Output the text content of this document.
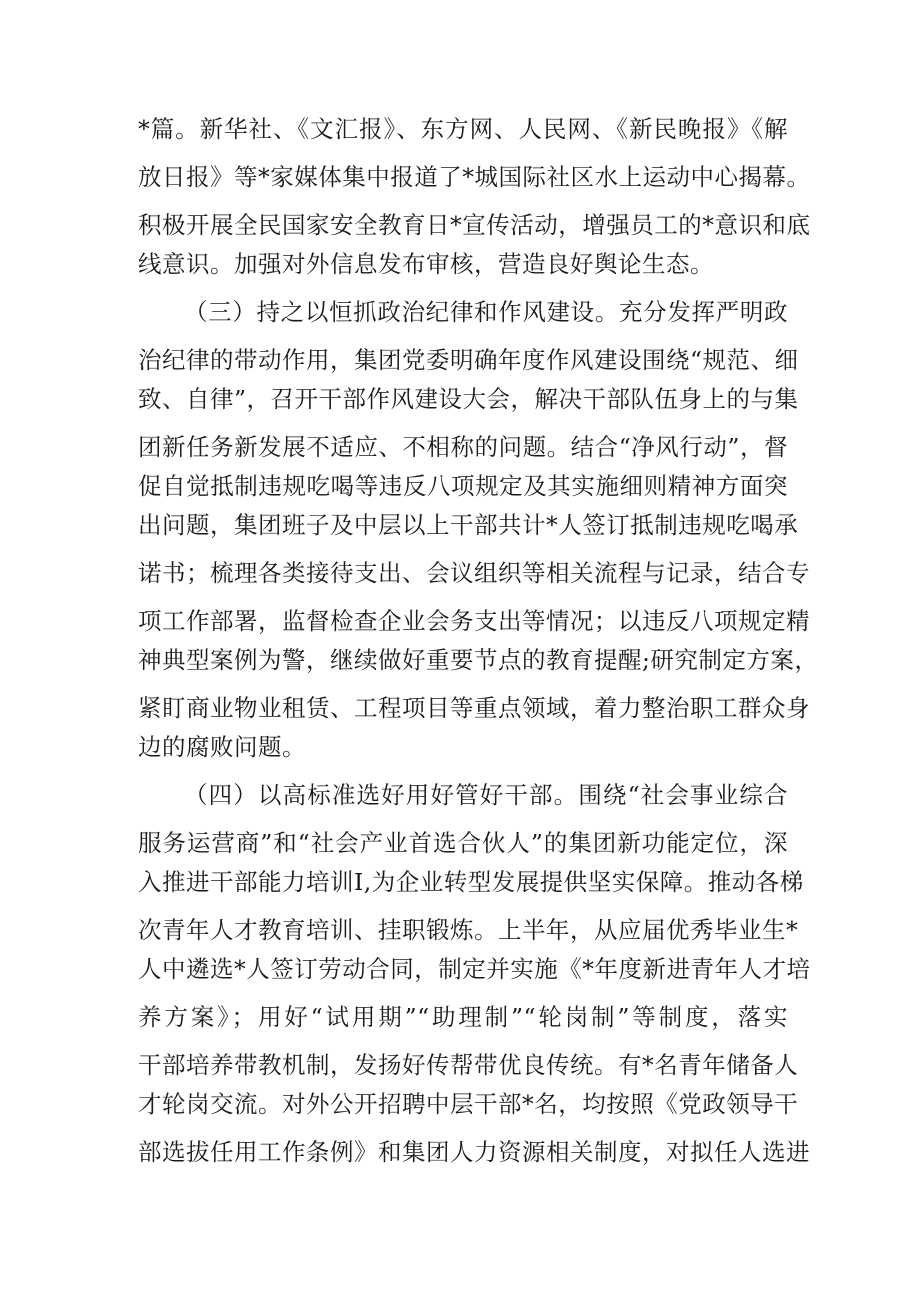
*篇。新华社、《文汇报》、东方网、人民网、《新民晚报》《解
放日报》等*家媒体集中报道了*城国际社区水上运动中心揭幕。
积极开展全民国家安全教育日*宣传活动，增强员工的*意识和底
线意识。加强对外信息发布审核，营造良好舆论生态。
（三）持之以恒抓政治纪律和作风建设。充分发挥严明政
治纪律的带动作用，集团党委明确年度作风建设围绕“规范、细
致、自律”，召开干部作风建设大会，解决干部队伍身上的与集
团新任务新发展不适应、不相称的问题。结合“净风行动”，督
促自觉抵制违规吃喝等违反八项规定及其实施细则精神方面突
出问题，集团班子及中层以上干部共计*人签订抵制违规吃喝承
诺书；梳理各类接待支出、会议组织等相关流程与记录，结合专
项工作部署，监督检查企业会务支出等情况；以违反八项规定精
神典型案例为警，继续做好重要节点的教育提醒;研究制定方案，
紧盯商业物业租赁、工程项目等重点领域，着力整治职工群众身
边的腐败问题。
（四）以高标准选好用好管好干部。围绕“社会事业综合
服务运营商”和“社会产业首选合伙人”的集团新功能定位，深
入推进干部能力培训I,为企业转型发展提供坚实保障。推动各梯
次青年人才教育培训、挂职锻炼。上半年，从应届优秀毕业生*
人中遴选*人签订劳动合同，制定并实施《*年度新进青年人才培
养方案》；用好“试用期”“助理制”“轮岗制”等制度，落实
干部培养带教机制，发扬好传帮带优良传统。有*名青年储备人
才轮岗交流。对外公开招聘中层干部*名，均按照《党政领导干
部选拔任用工作条例》和集团人力资源相关制度，对拟任人选进
